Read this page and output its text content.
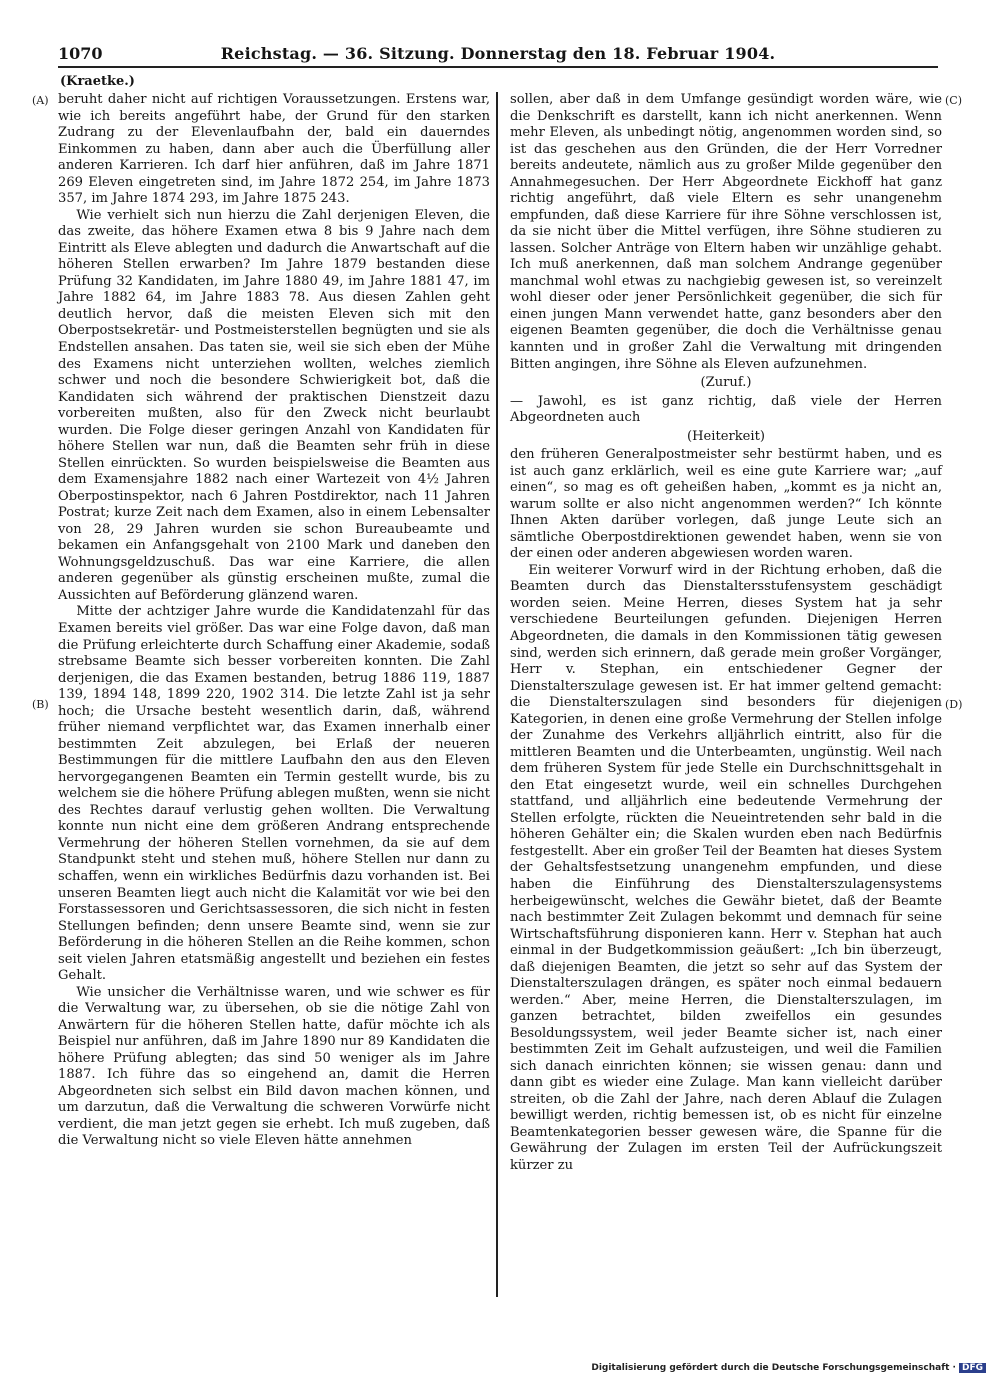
1070	Reichstag. — 36. Sitzung. Donnerstag den 18. Februar 1904.
(Kraetke.)
(A)
(B)
(C)
(D)

beruht daher nicht auf richtigen Voraussetzungen. Erstens war, wie ich bereits angeführt habe, der Grund für den starken Zudrang zu der Elevenlaufbahn der, bald ein dauerndes Einkommen zu haben, dann aber auch die Überfüllung aller anderen Karrieren. Ich darf hier anführen, daß im Jahre 1871 269 Eleven eingetreten sind, im Jahre 1872 254, im Jahre 1873 357, im Jahre 1874 293, im Jahre 1875 243.

Wie verhielt sich nun hierzu die Zahl derjenigen Eleven, die das zweite, das höhere Examen etwa 8 bis 9 Jahre nach dem Eintritt als Eleve ablegten und dadurch die Anwartschaft auf die höheren Stellen erwarben? Im Jahre 1879 bestanden diese Prüfung 32 Kandidaten, im Jahre 1880 49, im Jahre 1881 47, im Jahre 1882 64, im Jahre 1883 78. Aus diesen Zahlen geht deutlich hervor, daß die meisten Eleven sich mit den Oberpostsekretär- und Postmeisterstellen begnügten und sie als Endstellen ansahen. Das taten sie, weil sie sich eben der Mühe des Examens nicht unterziehen wollten, welches ziemlich schwer und noch die besondere Schwierigkeit bot, daß die Kandidaten sich während der praktischen Dienstzeit dazu vorbereiten mußten, also für den Zweck nicht beurlaubt wurden. Die Folge dieser geringen Anzahl von Kandidaten für höhere Stellen war nun, daß die Beamten sehr früh in diese Stellen einrückten. So wurden beispielsweise die Beamten aus dem Examensjahre 1882 nach einer Wartezeit von 4½ Jahren Oberpostinspektor, nach 6 Jahren Postdirektor, nach 11 Jahren Postrat; kurze Zeit nach dem Examen, also in einem Lebensalter von 28, 29 Jahren wurden sie schon Bureaubeamte und bekamen ein Anfangsgehalt von 2100 Mark und daneben den Wohnungsgeldzuschuß. Das war eine Karriere, die allen anderen gegenüber als günstig erscheinen mußte, zumal die Aussichten auf Beförderung glänzend waren.

Mitte der achtziger Jahre wurde die Kandidatenzahl für das Examen bereits viel größer. Das war eine Folge davon, daß man die Prüfung erleichterte durch Schaffung einer Akademie, sodaß strebsame Beamte sich besser vorbereiten konnten. Die Zahl derjenigen, die das Examen bestanden, betrug 1886 119, 1887 139, 1894 148, 1899 220, 1902 314. Die letzte Zahl ist ja sehr hoch; die Ursache besteht wesentlich darin, daß, während früher niemand verpflichtet war, das Examen innerhalb einer bestimmten Zeit abzulegen, bei Erlaß der neueren Bestimmungen für die mittlere Laufbahn den aus den Eleven hervorgegangenen Beamten ein Termin gestellt wurde, bis zu welchem sie die höhere Prüfung ablegen mußten, wenn sie nicht des Rechtes darauf verlustig gehen wollten. Die Verwaltung konnte nun nicht eine dem größeren Andrang entsprechende Vermehrung der höheren Stellen vornehmen, da sie auf dem Standpunkt steht und stehen muß, höhere Stellen nur dann zu schaffen, wenn ein wirkliches Bedürfnis dazu vorhanden ist. Bei unseren Beamten liegt auch nicht die Kalamität vor wie bei den Forstassessoren und Gerichtsassessoren, die sich nicht in festen Stellungen befinden; denn unsere Beamte sind, wenn sie zur Beförderung in die höheren Stellen an die Reihe kommen, schon seit vielen Jahren etatsmäßig angestellt und beziehen ein festes Gehalt.

Wie unsicher die Verhältnisse waren, und wie schwer es für die Verwaltung war, zu übersehen, ob sie die nötige Zahl von Anwärtern für die höheren Stellen hatte, dafür möchte ich als Beispiel nur anführen, daß im Jahre 1890 nur 89 Kandidaten die höhere Prüfung ablegten; das sind 50 weniger als im Jahre 1887. Ich führe das so eingehend an, damit die Herren Abgeordneten sich selbst ein Bild davon machen können, und um darzutun, daß die Verwaltung die schweren Vorwürfe nicht verdient, die man jetzt gegen sie erhebt. Ich muß zugeben, daß die Verwaltung nicht so viele Eleven hätte annehmen

sollen, aber daß in dem Umfange gesündigt worden wäre, wie die Denkschrift es darstellt, kann ich nicht anerkennen. Wenn mehr Eleven, als unbedingt nötig, angenommen worden sind, so ist das geschehen aus den Gründen, die der Herr Vorredner bereits andeutete, nämlich aus zu großer Milde gegenüber den Annahmegesuchen. Der Herr Abgeordnete Eickhoff hat ganz richtig angeführt, daß viele Eltern es sehr unangenehm empfunden, daß diese Karriere für ihre Söhne verschlossen ist, da sie nicht über die Mittel verfügen, ihre Söhne studieren zu lassen. Solcher Anträge von Eltern haben wir unzählige gehabt. Ich muß anerkennen, daß man solchem Andrange gegenüber manchmal wohl etwas zu nachgiebig gewesen ist, so vereinzelt wohl dieser oder jener Persönlichkeit gegenüber, die sich für einen jungen Mann verwendet hatte, ganz besonders aber den eigenen Beamten gegenüber, die doch die Verhältnisse genau kannten und in großer Zahl die Verwaltung mit dringenden Bitten angingen, ihre Söhne als Eleven aufzunehmen.

(Zuruf.)

— Jawohl, es ist ganz richtig, daß viele der Herren Abgeordneten auch

(Heiterkeit)

den früheren Generalpostmeister sehr bestürmt haben, und es ist auch ganz erklärlich, weil es eine gute Karriere war; „auf einen“, so mag es oft geheißen haben, „kommt es ja nicht an, warum sollte er also nicht angenommen werden?“ Ich könnte Ihnen Akten darüber vorlegen, daß junge Leute sich an sämtliche Oberpostdirektionen gewendet haben, wenn sie von der einen oder anderen abgewiesen worden waren.

Ein weiterer Vorwurf wird in der Richtung erhoben, daß die Beamten durch das Dienstaltersstufensystem geschädigt worden seien. Meine Herren, dieses System hat ja sehr verschiedene Beurteilungen gefunden. Diejenigen Herren Abgeordneten, die damals in den Kommissionen tätig gewesen sind, werden sich erinnern, daß gerade mein großer Vorgänger, Herr v. Stephan, ein entschiedener Gegner der Dienstalterszulage gewesen ist. Er hat immer geltend gemacht: die Dienstalterszulagen sind besonders für diejenigen Kategorien, in denen eine große Vermehrung der Stellen infolge der Zunahme des Verkehrs alljährlich eintritt, also für die mittleren Beamten und die Unterbeamten, ungünstig. Weil nach dem früheren System für jede Stelle ein Durchschnittsgehalt in den Etat eingesetzt wurde, weil ein schnelles Durchgehen stattfand, und alljährlich eine bedeutende Vermehrung der Stellen erfolgte, rückten die Neueintretenden sehr bald in die höheren Gehälter ein; die Skalen wurden eben nach Bedürfnis festgestellt. Aber ein großer Teil der Beamten hat dieses System der Gehaltsfestsetzung unangenehm empfunden, und diese haben die Einführung des Dienstalterszulagensystems herbeigewünscht, welches die Gewähr bietet, daß der Beamte nach bestimmter Zeit Zulagen bekommt und demnach für seine Wirtschaftsführung disponieren kann. Herr v. Stephan hat auch einmal in der Budgetkommission geäußert: „Ich bin überzeugt, daß diejenigen Beamten, die jetzt so sehr auf das System der Dienstalterszulagen drängen, es später noch einmal bedauern werden.“ Aber, meine Herren, die Dienstalterszulagen, im ganzen betrachtet, bilden zweifellos ein gesundes Besoldungssystem, weil jeder Beamte sicher ist, nach einer bestimmten Zeit im Gehalt aufzusteigen, und weil die Familien sich danach einrichten können; sie wissen genau: dann und dann gibt es wieder eine Zulage. Man kann vielleicht darüber streiten, ob die Zahl der Jahre, nach deren Ablauf die Zulagen bewilligt werden, richtig bemessen ist, ob es nicht für einzelne Beamtenkategorien besser gewesen wäre, die Spanne für die Gewährung der Zulagen im ersten Teil der Aufrückungszeit kürzer zu

Digitalisierung gefördert durch die Deutsche Forschungsgemeinschaft · DFG
